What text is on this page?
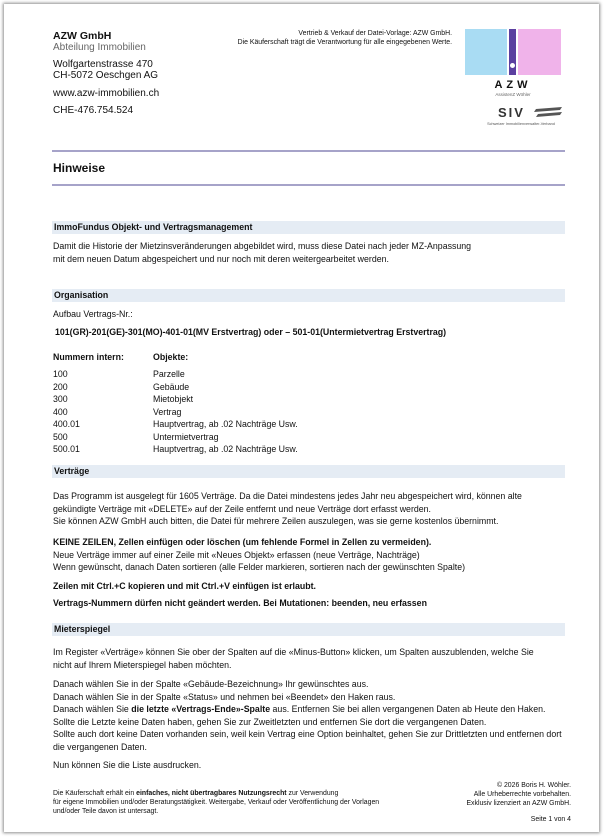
AZW GmbH
Abteilung Immobilien
Wolfgartenstrasse 470
CH-5072 Oeschgen AG
www.azw-immobilien.ch
CHE-476.754.524
Vertrieb & Verkauf der Datei-Vorlage: AZW GmbH.
Die Käuferschaft trägt die Verantwortung für alle eingegebenen Werte.
AZW
AssistenZ Wöhler
SIV
Schweizer Immobilienverwalter-Verband
Hinweise
ImmoFundus Objekt- und Vertragsmanagement
Damit die Historie der Mietzinsveränderungen abgebildet wird, muss diese Datei nach jeder MZ-Anpassung
mit dem neuen Datum abgespeichert und nur noch mit deren weitergearbeitet werden.
Organisation
Aufbau Vertrags-Nr.:
101(GR)-201(GE)-301(MO)-401-01(MV Erstvertrag) oder – 501-01(Untermietvertrag Erstvertrag)
Nummern intern:	Objekte:
100	Parzelle
200	Gebäude
300	Mietobjekt
400	Vertrag
400.01	Hauptvertrag, ab .02 Nachträge Usw.
500	Untermietvertrag
500.01	Hauptvertrag, ab .02 Nachträge Usw.
Verträge
Das Programm ist ausgelegt für 1605 Verträge. Da die Datei mindestens jedes Jahr neu abgespeichert wird, können alte
gekündigte Verträge mit «DELETE» auf der Zeile entfernt und neue Verträge dort erfasst werden.
Sie können AZW GmbH auch bitten, die Datei für mehrere Zeilen auszulegen, was sie gerne kostenlos übernimmt.
KEINE ZEILEN, Zellen einfügen oder löschen (um fehlende Formel in Zellen zu vermeiden).
Neue Verträge immer auf einer Zeile mit «Neues Objekt» erfassen (neue Verträge, Nachträge)
Wenn gewünscht, danach Daten sortieren (alle Felder markieren, sortieren nach der gewünschten Spalte)
Zeilen mit Ctrl.+C kopieren und mit Ctrl.+V einfügen ist erlaubt.
Vertrags-Nummern dürfen nicht geändert werden. Bei Mutationen: beenden, neu erfassen
Mieterspiegel
Im Register «Verträge» können Sie ober der Spalten auf die «Minus-Button» klicken, um Spalten auszublenden, welche Sie
nicht auf Ihrem Mieterspiegel haben möchten.
Danach wählen Sie in der Spalte «Gebäude-Bezeichnung» Ihr gewünschtes aus.
Danach wählen Sie in der Spalte «Status» und nehmen bei «Beendet» den Haken raus.
Danach wählen Sie die letzte «Vertrags-Ende»-Spalte aus. Entfernen Sie bei allen vergangenen Daten ab Heute den Haken.
Sollte die Letzte keine Daten haben, gehen Sie zur Zweitletzten und entfernen Sie dort die vergangenen Daten.
Sollte auch dort keine Daten vorhanden sein, weil kein Vertrag eine Option beinhaltet, gehen Sie zur Drittletzten und entfernen dort
die vergangenen Daten.
Nun können Sie die Liste ausdrucken.
Die Käuferschaft erhält ein einfaches, nicht übertragbares Nutzungsrecht zur Verwendung
für eigene Immobilien und/oder Beratungstätigkeit. Weitergabe, Verkauf oder Veröffentlichung der Vorlagen
und/oder Teile davon ist untersagt.
© 2026 Boris H. Wöhler.
Alle Urheberrechte vorbehalten.
Exklusiv lizenziert an AZW GmbH.
Seite 1 von 4
